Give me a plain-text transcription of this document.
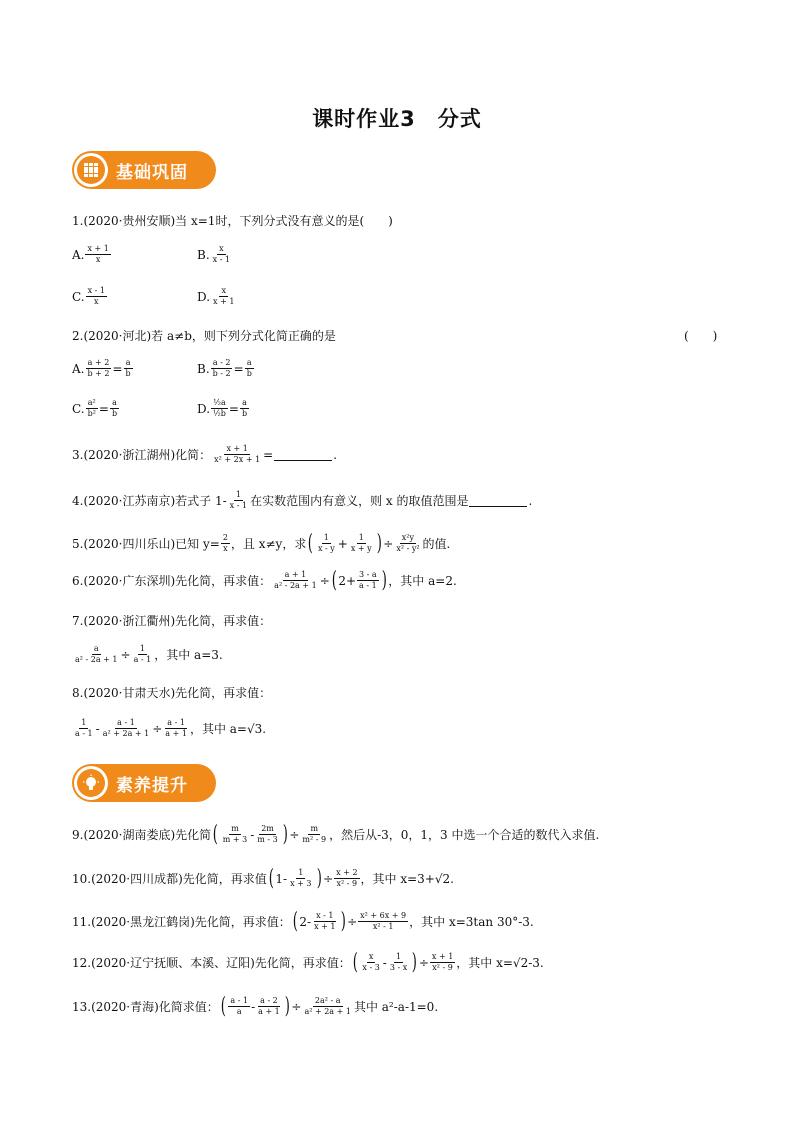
课时作业3　分式
基础巩固
1.(2020·贵州安顺)当 x=1时，下列分式没有意义的是(　　)
A. $\frac{x + 1}{x}$	B. $\frac{x}{x - 1}$
C. $\frac{x - 1}{x}$	D. $\frac{x}{x + 1}$
2.(2020·河北)若 a≠b，则下列分式化简正确的是	(　　)
A. $\frac{a + 2}{b + 2} = \frac{a}{b}$	B. $\frac{a - 2}{b - 2} = \frac{a}{b}$
C. $\frac{\text{a²}}{\text{b²}} = \frac{a}{b}$	D. $\frac{\text{½a}}{\text{½b}} = \frac{a}{b}$
3.(2020·浙江湖州)化简： $\frac{x + 1}{\text{x² + 2x + 1}}$ =	.
4.(2020·江苏南京)若式子 $1- \frac{1}{x - 1}$ 在实数范围内有意义，则 x 的取值范围是	.
5.(2020·四川乐山)已知 $y= \frac{2}{x}$ ，且 x≠y，求 ( $\frac{1}{x - y} + \frac{1}{x + y}$ ) ÷ $\frac{\text{x²y}}{\text{x² - y²}}$ 的值.
6.(2020·广东深圳)先化简，再求值： $\frac{a + 1}{\text{a² - 2a + 1}}$ ÷ ( $2+ \frac{3 - a}{a - 1}$ ) ，其中 a=2.
7.(2020·浙江衢州)先化简，再求值：
$\frac{a}{\text{a² - 2a + 1}} \div \frac{1}{a - 1}$ ，其中 a=3.
8.(2020·甘肃天水)先化简，再求值：
$\frac{1}{a - 1} - \frac{a - 1}{\text{a² + 2a + 1}} \div \frac{a - 1}{a + 1}$ ，其中 a=√3.
素养提升
9.(2020·湖南娄底)先化简 ( $\frac{m}{m + 3} - \frac{2m}{m - 3}$ ) ÷ $\frac{m}{\text{m² - 9}}$ ，然后从-3，0，1，3 中选一个合适的数代入求值.
10.(2020·四川成都)先化简，再求值 ( $1- \frac{1}{x + 3}$ ) ÷ $\frac{x + 2}{\text{x² - 9}}$ ，其中 x=3+√2.
11.(2020·黑龙江鹤岗)先化简，再求值： ( $2- \frac{x - 1}{x + 1}$ ) ÷ $\frac{\text{x² + 6x + 9}}{\text{x² - 1}}$ ，其中 x=3tan 30°-3.
12.(2020·辽宁抚顺、本溪、辽阳)先化简，再求值： ( $\frac{x}{x - 3} - \frac{1}{3 - x}$ ) ÷ $\frac{x + 1}{\text{x² - 9}}$ ，其中 x=√2-3.
13.(2020·青海)化简求值： ( $\frac{a - 1}{a} - \frac{a - 2}{a + 1}$ ) ÷ $\frac{\text{2a² - a}}{\text{a² + 2a + 1}}$ 其中 a²-a-1=0.
